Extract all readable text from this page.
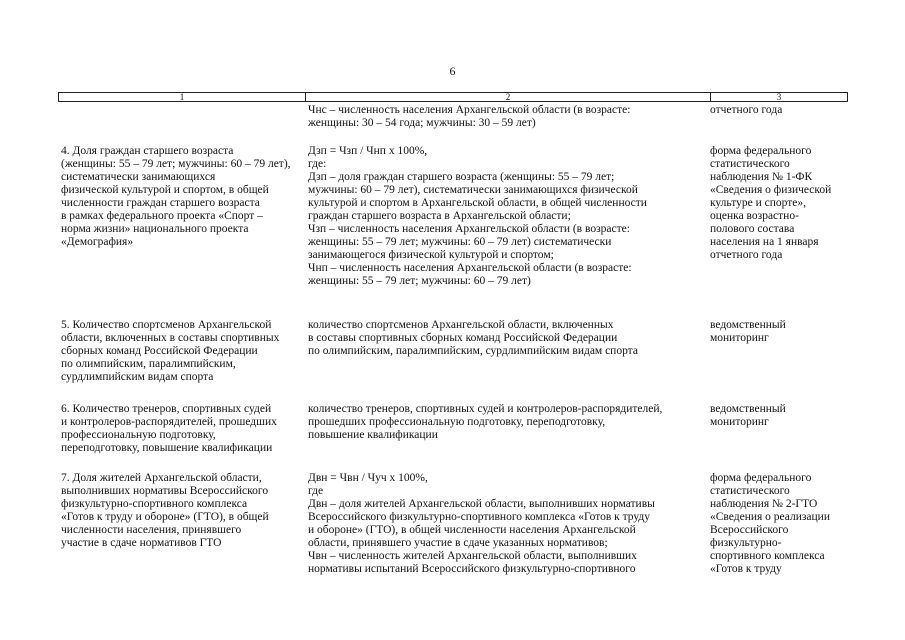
6
1	2	3
Чнс – численность населения Архангельской области (в возрасте:
женщины: 30 – 54 года; мужчины: 30 – 59 лет)
отчетного года
4. Доля граждан старшего возраста
(женщины: 55 – 79 лет; мужчины: 60 – 79 лет),
систематически занимающихся
физической культурой и спортом, в общей
численности граждан старшего возраста
в рамках федерального проекта «Спорт –
норма жизни» национального проекта
«Демография»
Дзп = Чзп / Чнп x 100%,
где:
Дзп – доля граждан старшего возраста (женщины: 55 – 79 лет;
мужчины: 60 – 79 лет), систематически занимающихся физической
культурой и спортом в Архангельской области, в общей численности
граждан старшего возраста в Архангельской области;
Чзп – численность населения Архангельской области (в возрасте:
женщины: 55 – 79 лет; мужчины: 60 – 79 лет) систематически
занимающегося физической культурой и спортом;
Чнп – численность населения Архангельской области (в возрасте:
женщины: 55 – 79 лет; мужчины: 60 – 79 лет)
форма федерального
статистического
наблюдения № 1-ФК
«Сведения о физической
культуре и спорте»,
оценка возрастно-
полового состава
населения на 1 января
отчетного года
5. Количество спортсменов Архангельской
области, включенных в составы спортивных
сборных команд Российской Федерации
по олимпийским, паралимпийским,
сурдлимпийским видам спорта
количество спортсменов Архангельской области, включенных
в составы спортивных сборных команд Российской Федерации
по олимпийским, паралимпийским, сурдлимпийским видам спорта
ведомственный
мониторинг
6. Количество тренеров, спортивных судей
и контролеров-распорядителей, прошедших
профессиональную подготовку,
переподготовку, повышение квалификации
количество тренеров, спортивных судей и контролеров-распорядителей,
прошедших профессиональную подготовку, переподготовку,
повышение квалификации
ведомственный
мониторинг
7. Доля жителей Архангельской области,
выполнивших нормативы Всероссийского
физкультурно-спортивного комплекса
«Готов к труду и обороне» (ГТО), в общей
численности населения, принявшего
участие в сдаче нормативов ГТО
Двн = Чвн / Чуч x 100%,
где
Двн – доля жителей Архангельской области, выполнивших нормативы
Всероссийского физкультурно-спортивного комплекса «Готов к труду
и обороне» (ГТО), в общей численности населения Архангельской
области, принявшего участие в сдаче указанных нормативов;
Чвн – численность жителей Архангельской области, выполнивших
нормативы испытаний Всероссийского физкультурно-спортивного
форма федерального
статистического
наблюдения № 2-ГТО
«Сведения о реализации
Всероссийского
физкультурно-
спортивного комплекса
«Готов к труду
